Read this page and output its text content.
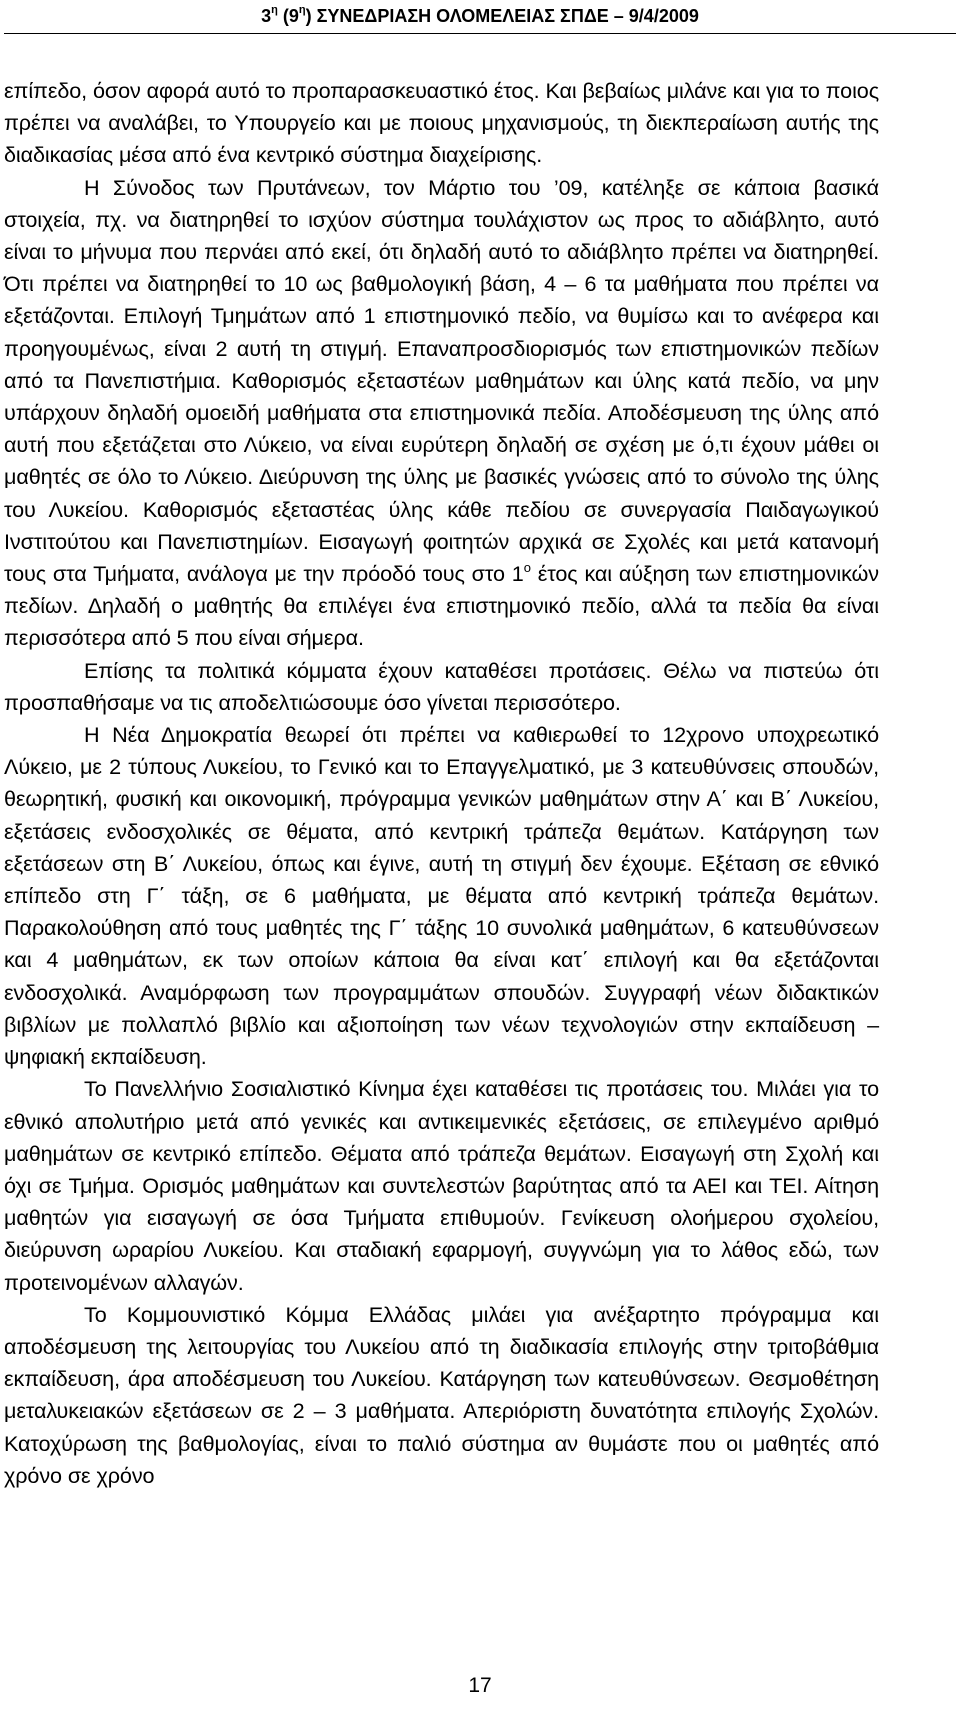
$3^\eta$ $(9^\eta)$ ΣΥΝΕΔΡΙΑΣΗ ΟΛΟΜΕΛΕΙΑΣ ΣΠΔΕ – 9/4/2009

επίπεδο, όσον αφορά αυτό το προπαρασκευαστικό έτος. Και βεβαίως μιλάνε και για το ποιος πρέπει να αναλάβει, το Υπουργείο και με ποιους μηχανισμούς, τη διεκπεραίωση αυτής της διαδικασίας μέσα από ένα κεντρικό σύστημα διαχείρισης.

Η Σύνοδος των Πρυτάνεων, τον Μάρτιο του ’09, κατέληξε σε κάποια βασικά στοιχεία, πχ. να διατηρηθεί το ισχύον σύστημα τουλάχιστον ως προς το αδιάβλητο, αυτό είναι το μήνυμα που περνάει από εκεί, ότι δηλαδή αυτό το αδιάβλητο πρέπει να διατηρηθεί. Ότι πρέπει να διατηρηθεί το 10 ως βαθμολογική βάση, 4 – 6 τα μαθήματα που πρέπει να εξετάζονται. Επιλογή Τμημάτων από 1 επιστημονικό πεδίο, να θυμίσω και το ανέφερα και προηγουμένως, είναι 2 αυτή τη στιγμή. Επαναπροσδιορισμός των επιστημονικών πεδίων από τα Πανεπιστήμια. Καθορισμός εξεταστέων μαθημάτων και ύλης κατά πεδίο, να μην υπάρχουν δηλαδή ομοειδή μαθήματα στα επιστημονικά πεδία. Αποδέσμευση της ύλης από αυτή που εξετάζεται στο Λύκειο, να είναι ευρύτερη δηλαδή σε σχέση με ό,τι έχουν μάθει οι μαθητές σε όλο το Λύκειο. Διεύρυνση της ύλης με βασικές γνώσεις από το σύνολο της ύλης του Λυκείου. Καθορισμός εξεταστέας ύλης κάθε πεδίου σε συνεργασία Παιδαγωγικού Ινστιτούτου και Πανεπιστημίων. Εισαγωγή φοιτητών αρχικά σε Σχολές και μετά κατανομή τους στα Τμήματα, ανάλογα με την πρόοδό τους στο $1^o$ έτος και αύξηση των επιστημονικών πεδίων. Δηλαδή ο μαθητής θα επιλέγει ένα επιστημονικό πεδίο, αλλά τα πεδία θα είναι περισσότερα από 5 που είναι σήμερα.

Επίσης τα πολιτικά κόμματα έχουν καταθέσει προτάσεις. Θέλω να πιστεύω ότι προσπαθήσαμε να τις αποδελτιώσουμε όσο γίνεται περισσότερο.

Η Νέα Δημοκρατία θεωρεί ότι πρέπει να καθιερωθεί το 12χρονο υποχρεωτικό Λύκειο, με 2 τύπους Λυκείου, το Γενικό και το Επαγγελματικό, με 3 κατευθύνσεις σπουδών, θεωρητική, φυσική και οικονομική, πρόγραμμα γενικών μαθημάτων στην Α΄ και Β΄ Λυκείου, εξετάσεις ενδοσχολικές σε θέματα, από κεντρική τράπεζα θεμάτων. Κατάργηση των εξετάσεων στη Β΄ Λυκείου, όπως και έγινε, αυτή τη στιγμή δεν έχουμε. Εξέταση σε εθνικό επίπεδο στη Γ΄ τάξη, σε 6 μαθήματα, με θέματα από κεντρική τράπεζα θεμάτων. Παρακολούθηση από τους μαθητές της Γ΄ τάξης 10 συνολικά μαθημάτων, 6 κατευθύνσεων και 4 μαθημάτων, εκ των οποίων κάποια θα είναι κατ΄ επιλογή και θα εξετάζονται ενδοσχολικά. Αναμόρφωση των προγραμμάτων σπουδών. Συγγραφή νέων διδακτικών βιβλίων με πολλαπλό βιβλίο και αξιοποίηση των νέων τεχνολογιών στην εκπαίδευση – ψηφιακή εκπαίδευση.

Το Πανελλήνιο Σοσιαλιστικό Κίνημα έχει καταθέσει τις προτάσεις του. Μιλάει για το εθνικό απολυτήριο μετά από γενικές και αντικειμενικές εξετάσεις, σε επιλεγμένο αριθμό μαθημάτων σε κεντρικό επίπεδο. Θέματα από τράπεζα θεμάτων. Εισαγωγή στη Σχολή και όχι σε Τμήμα. Ορισμός μαθημάτων και συντελεστών βαρύτητας από τα ΑΕΙ και ΤΕΙ. Αίτηση μαθητών για εισαγωγή σε όσα Τμήματα επιθυμούν. Γενίκευση ολοήμερου σχολείου, διεύρυνση ωραρίου Λυκείου. Και σταδιακή εφαρμογή, συγγνώμη για το λάθος εδώ, των προτεινομένων αλλαγών.

Το Κομμουνιστικό Κόμμα Ελλάδας μιλάει για ανέξαρτητο πρόγραμμα και αποδέσμευση της λειτουργίας του Λυκείου από τη διαδικασία επιλογής στην τριτοβάθμια εκπαίδευση, άρα αποδέσμευση του Λυκείου. Κατάργηση των κατευθύνσεων. Θεσμοθέτηση μεταλυκειακών εξετάσεων σε 2 – 3 μαθήματα. Απεριόριστη δυνατότητα επιλογής Σχολών. Κατοχύρωση της βαθμολογίας, είναι το παλιό σύστημα αν θυμάστε που οι μαθητές από χρόνο σε χρόνο

17
